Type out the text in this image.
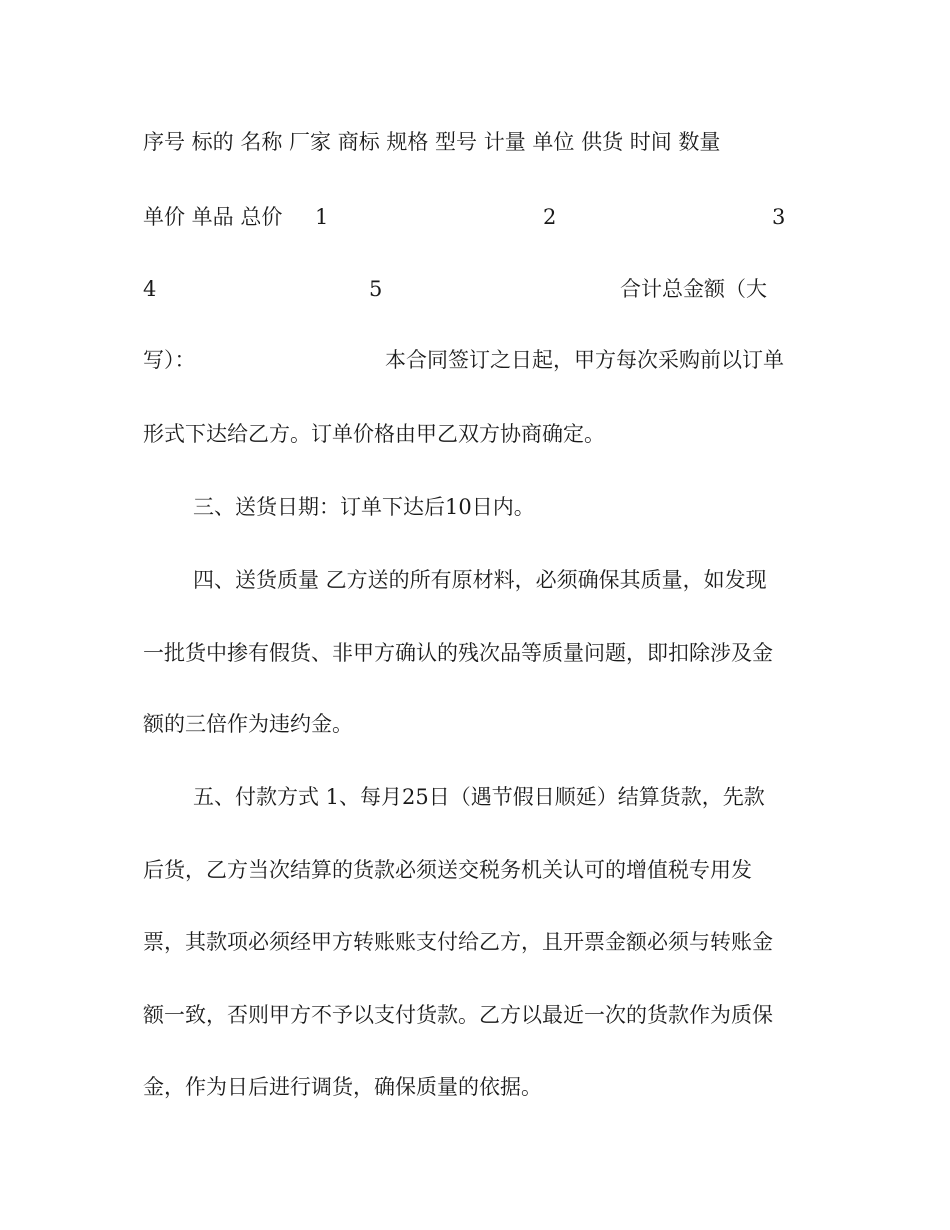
序号 标的 名称 厂家 商标 规格 型号 计量 单位 供货 时间 数量
单价 单品 总价 1	2	3
4	5	合计总金额（大
写）：	本合同签订之日起，甲方每次采购前以订单
形式下达给乙方。订单价格由甲乙双方协商确定。
三、送货日期：订单下达后10日内。
四、送货质量 乙方送的所有原材料，必须确保其质量，如发现
一批货中掺有假货、非甲方确认的残次品等质量问题，即扣除涉及金
额的三倍作为违约金。
五、付款方式 1、每月25日（遇节假日顺延）结算货款，先款
后货，乙方当次结算的货款必须送交税务机关认可的增值税专用发
票，其款项必须经甲方转账账支付给乙方，且开票金额必须与转账金
额一致，否则甲方不予以支付货款。乙方以最近一次的货款作为质保
金，作为日后进行调货，确保质量的依据。
